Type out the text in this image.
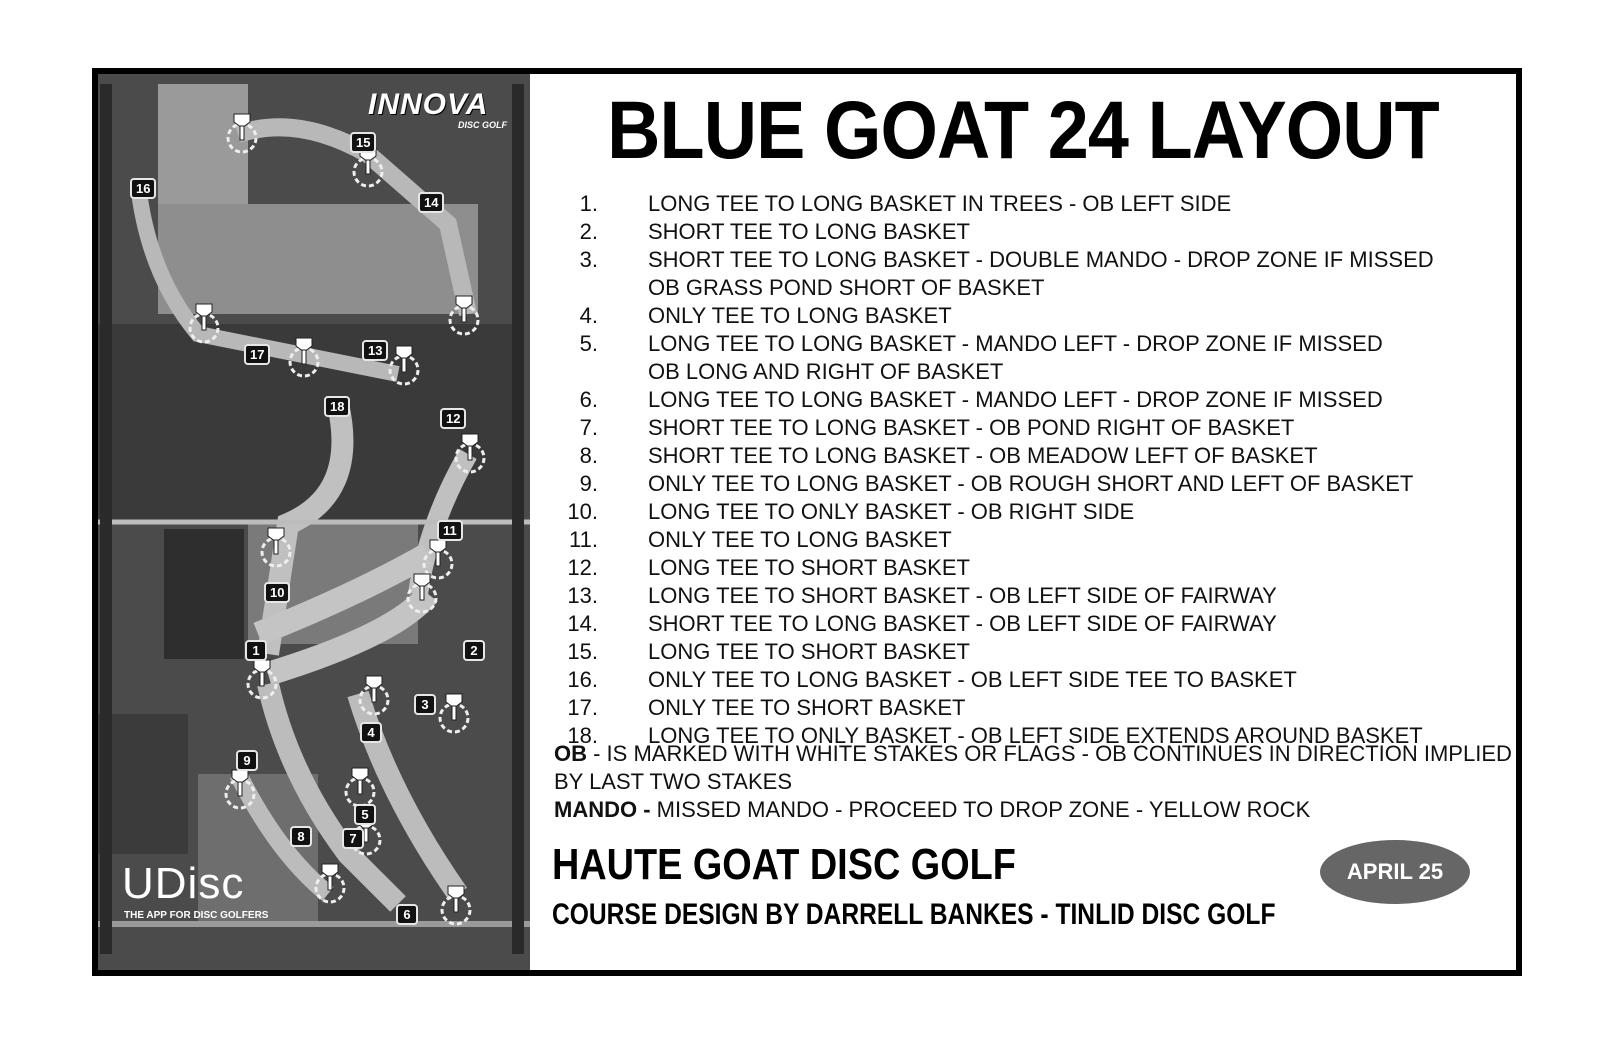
1	2
3
4
5
6
7
8
9
10
11
12
13
14
15
16
17
18
INNOVA
DISC GOLF
UDisc
THE APP FOR DISC GOLFERS
BLUE GOAT 24 LAYOUT
1. LONG TEE TO LONG BASKET IN TREES - OB LEFT SIDE
2. SHORT TEE TO LONG BASKET
3. SHORT TEE TO LONG BASKET - DOUBLE MANDO - DROP ZONE IF MISSED
OB GRASS POND SHORT OF BASKET
4. ONLY TEE TO LONG BASKET
5. LONG TEE TO LONG BASKET - MANDO LEFT - DROP ZONE IF MISSED
OB LONG AND RIGHT OF BASKET
6. LONG TEE TO LONG BASKET - MANDO LEFT - DROP ZONE IF MISSED
7. SHORT TEE TO LONG BASKET - OB POND RIGHT OF BASKET
8. SHORT TEE TO LONG BASKET - OB MEADOW LEFT OF BASKET
9. ONLY TEE TO LONG BASKET - OB ROUGH SHORT AND LEFT OF BASKET
10. LONG TEE TO ONLY BASKET - OB RIGHT SIDE
11. ONLY TEE TO LONG BASKET
12. LONG TEE TO SHORT BASKET
13. LONG TEE TO SHORT BASKET - OB LEFT SIDE OF FAIRWAY
14. SHORT TEE TO LONG BASKET - OB LEFT SIDE OF FAIRWAY
15. LONG TEE TO SHORT BASKET
16. ONLY TEE TO LONG BASKET - OB LEFT SIDE TEE TO BASKET
17. ONLY TEE TO SHORT BASKET
18. LONG TEE TO ONLY BASKET - OB LEFT SIDE EXTENDS AROUND BASKET
OB - IS MARKED WITH WHITE STAKES OR FLAGS - OB CONTINUES IN DIRECTION IMPLIED BY LAST TWO STAKES
MANDO - MISSED MANDO - PROCEED TO DROP ZONE - YELLOW ROCK
HAUTE GOAT DISC GOLF
COURSE DESIGN BY DARRELL BANKES - TINLID DISC GOLF
APRIL 25
